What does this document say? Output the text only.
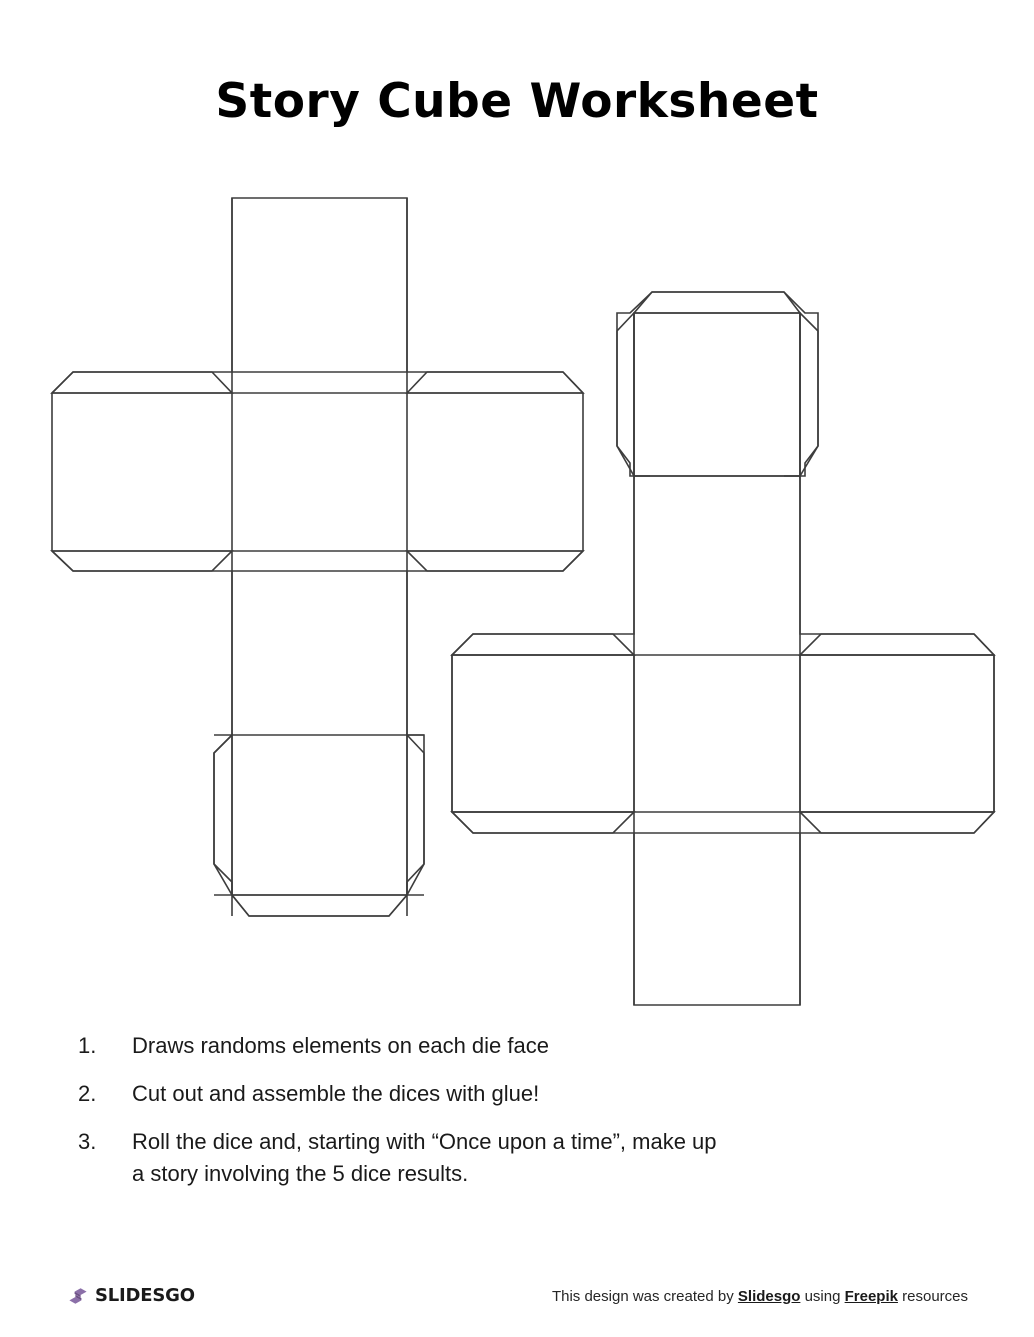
Story Cube Worksheet
1.	Draws randoms elements on each die face
2.	Cut out and assemble the dices with glue!
3.	Roll the dice and, starting with “Once upon a time”, make up a story involving the 5 dice results.
SLIDESGO	This design was created by Slidesgo using Freepik resources
